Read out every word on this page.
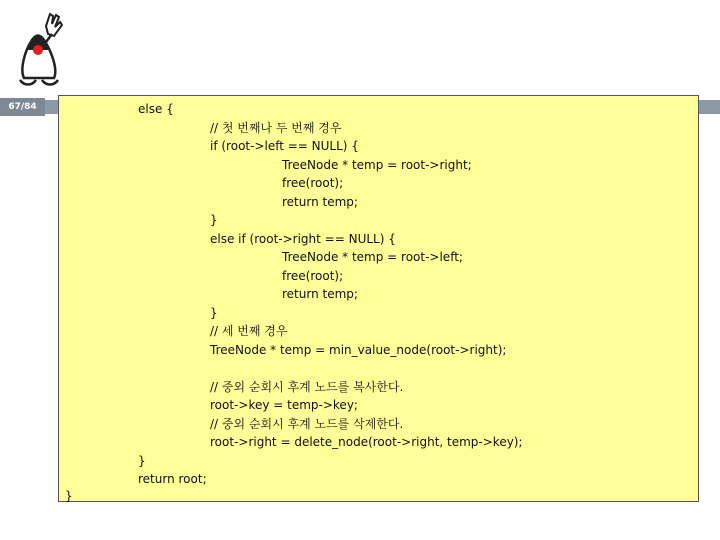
67/84	else {
// 첫 번째나 두 번째 경우
if (root->left == NULL) {
TreeNode * temp = root->right;
free(root);
return temp;
}
else if (root->right == NULL) {
TreeNode * temp = root->left;
free(root);
return temp;
}
// 세 번째 경우
TreeNode * temp = min_value_node(root->right);
// 중외 순회시 후계 노드를 복사한다.
root->key = temp->key;
// 중외 순회시 후계 노드를 삭제한다.
root->right = delete_node(root->right, temp->key);
}
return root;
}
